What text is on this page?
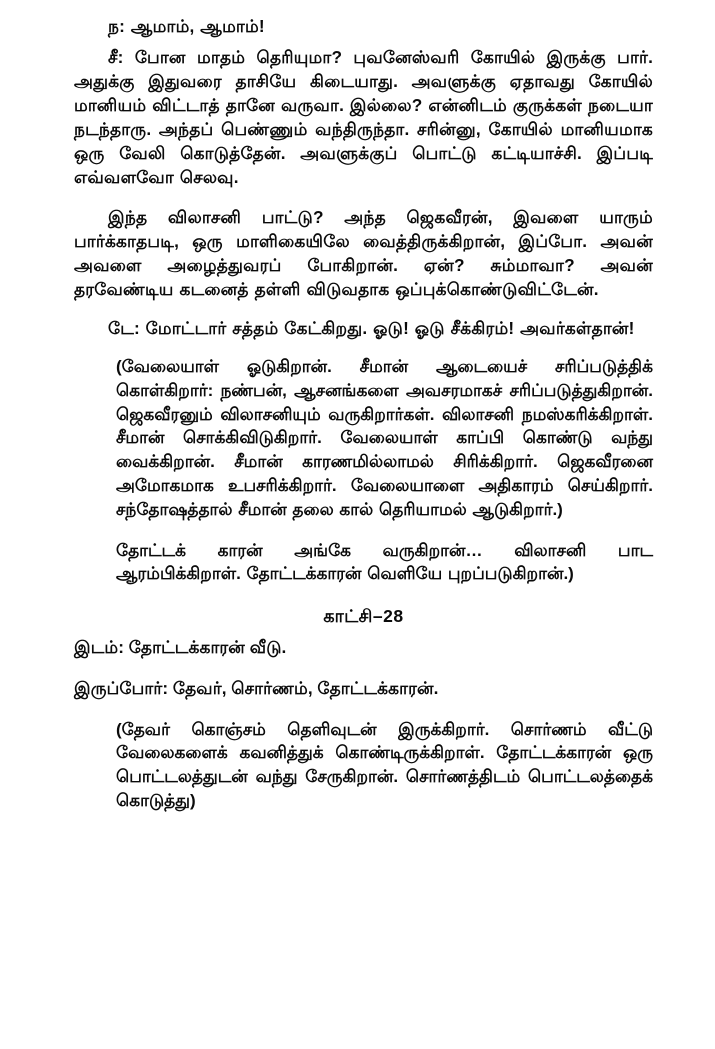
ந: ஆமாம், ஆமாம்!

சீ: போன மாதம் தெரியுமா? புவனேஸ்வரி கோயில் இருக்கு பார். அதுக்கு இதுவரை தாசியே கிடையாது. அவளுக்கு ஏதாவது கோயில் மானியம் விட்டாத் தானே வருவா. இல்லை? என்னிடம் குருக்கள் நடையா நடந்தாரு. அந்தப் பெண்ணும் வந்திருந்தா. சரின்னு, கோயில் மானியமாக ஒரு வேலி கொடுத்தேன். அவளுக்குப் பொட்டு கட்டியாச்சி. இப்படி எவ்வளவோ செலவு.

இந்த விலாசனி பாட்டு? அந்த ஜெகவீரன், இவளை யாரும் பார்க்காதபடி, ஒரு மாளிகையிலே வைத்திருக்கிறான், இப்போ. அவன் அவளை அழைத்துவரப் போகிறான். ஏன்? சும்மாவா? அவன் தரவேண்டிய கடனைத் தள்ளி விடுவதாக ஒப்புக்கொண்டுவிட்டேன்.

டே: மோட்டார் சத்தம் கேட்கிறது. ஓடு! ஓடு சீக்கிரம்! அவர்கள்தான்!

(வேலையாள் ஓடுகிறான். சீமான் ஆடையைச் சரிப்படுத்திக் கொள்கிறார்: நண்பன், ஆசனங்களை அவசரமாகச் சரிப்படுத்துகிறான். ஜெகவீரனும் விலாசனியும் வருகிறார்கள். விலாசனி நமஸ்கரிக்கிறாள். சீமான் சொக்கிவிடுகிறார். வேலையாள் காப்பி கொண்டு வந்து வைக்கிறான். சீமான் காரணமில்லாமல் சிரிக்கிறார். ஜெகவீரனை அமோகமாக உபசரிக்கிறார். வேலையாளை அதிகாரம் செய்கிறார். சந்தோஷத்தால் சீமான் தலை கால் தெரியாமல் ஆடுகிறார்.)

தோட்டக் காரன் அங்கே வருகிறான்… விலாசனி பாட ஆரம்பிக்கிறாள். தோட்டக்காரன் வெளியே புறப்படுகிறான்.)

காட்சி–28

இடம்: தோட்டக்காரன் வீடு.

இருப்போர்: தேவர், சொர்ணம், தோட்டக்காரன்.

(தேவர் கொஞ்சம் தெளிவுடன் இருக்கிறார். சொர்ணம் வீட்டு வேலைகளைக் கவனித்துக் கொண்டிருக்கிறாள். தோட்டக்காரன் ஒரு பொட்டலத்துடன் வந்து சேருகிறான். சொர்ணத்திடம் பொட்டலத்தைக் கொடுத்து)
